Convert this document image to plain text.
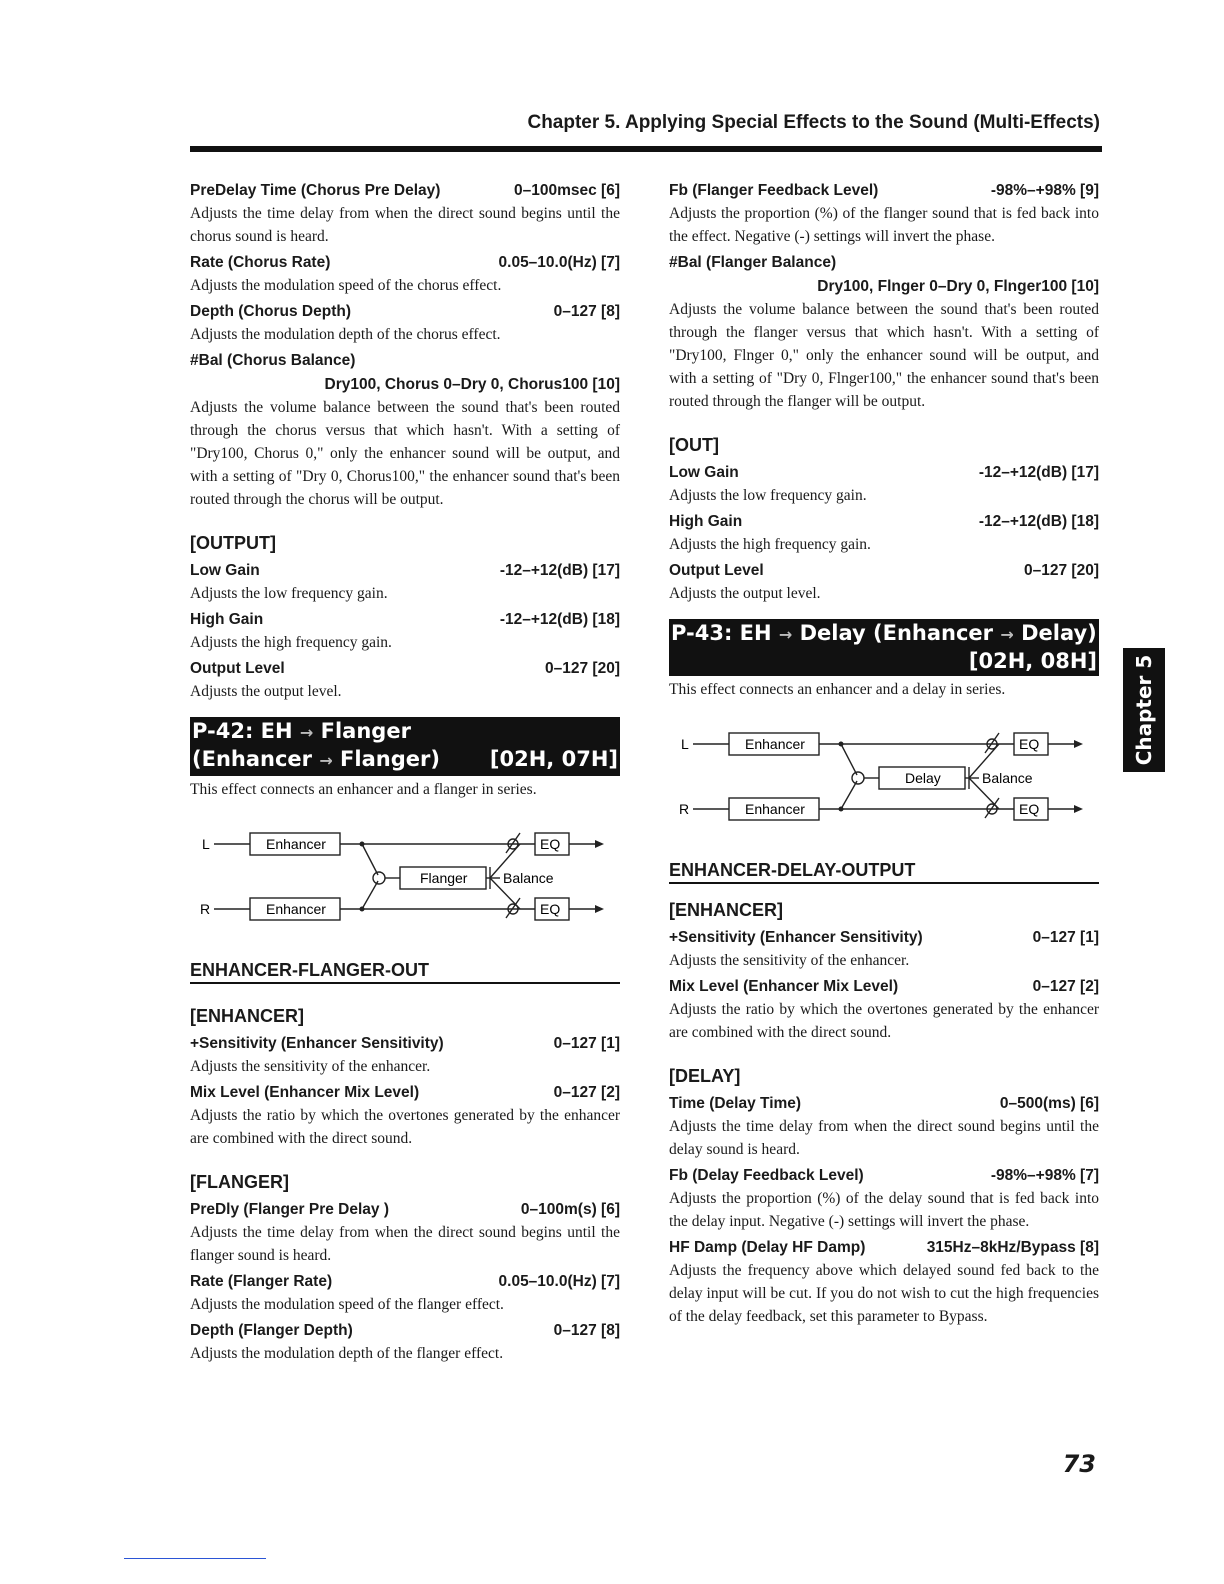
Chapter 5. Applying Special Effects to the Sound (Multi-Effects)
PreDelay Time (Chorus Pre Delay)	0–100msec [6]
Adjusts the time delay from when the direct sound begins until the chorus sound is heard.
Rate (Chorus Rate)	0.05–10.0(Hz) [7]
Adjusts the modulation speed of the chorus effect.
Depth (Chorus Depth)	0–127 [8]
Adjusts the modulation depth of the chorus effect.
#Bal (Chorus Balance)
Dry100, Chorus 0–Dry 0, Chorus100 [10]
Adjusts the volume balance between the sound that's been routed through the chorus versus that which hasn't. With a setting of "Dry100, Chorus 0," only the enhancer sound will be output, and with a setting of "Dry 0, Chorus100," the enhancer sound that's been routed through the chorus will be output.
[OUTPUT]
Low Gain	-12–+12(dB) [17]
Adjusts the low frequency gain.
High Gain	-12–+12(dB) [18]
Adjusts the high frequency gain.
Output Level	0–127 [20]
Adjusts the output level.
P-42: EH → Flanger
(Enhancer → Flanger) [02H, 07H]
This effect connects an enhancer and a flanger in series.
L
R
Enhancer
Enhancer
Flanger
EQ
EQ
Balance
ENHANCER-FLANGER-OUT
[ENHANCER]
+Sensitivity (Enhancer Sensitivity)	0–127 [1]
Adjusts the sensitivity of the enhancer.
Mix Level (Enhancer Mix Level)	0–127 [2]
Adjusts the ratio by which the overtones generated by the enhancer are combined with the direct sound.
[FLANGER]
PreDly (Flanger Pre Delay )	0–100m(s) [6]
Adjusts the time delay from when the direct sound begins until the flanger sound is heard.
Rate (Flanger Rate)	0.05–10.0(Hz) [7]
Adjusts the modulation speed of the flanger effect.
Depth (Flanger Depth)	0–127 [8]
Adjusts the modulation depth of the flanger effect.
Fb (Flanger Feedback Level)	-98%–+98% [9]
Adjusts the proportion (%) of the flanger sound that is fed back into the effect. Negative (-) settings will invert the phase.
#Bal (Flanger Balance)
Dry100, Flnger 0–Dry 0, Flnger100 [10]
Adjusts the volume balance between the sound that's been routed through the flanger versus that which hasn't. With a setting of "Dry100, Flnger 0," only the enhancer sound will be output, and with a setting of "Dry 0, Flnger100," the enhancer sound that's been routed through the flanger will be output.
[OUT]
Low Gain	-12–+12(dB) [17]
Adjusts the low frequency gain.
High Gain	-12–+12(dB) [18]
Adjusts the high frequency gain.
Output Level	0–127 [20]
Adjusts the output level.
P-43: EH → Delay (Enhancer → Delay)
[02H, 08H]
This effect connects an enhancer and a delay in series.
L
R
Enhancer
Enhancer
Delay
EQ
EQ
Balance
ENHANCER-DELAY-OUTPUT
[ENHANCER]
+Sensitivity (Enhancer Sensitivity)	0–127 [1]
Adjusts the sensitivity of the enhancer.
Mix Level (Enhancer Mix Level)	0–127 [2]
Adjusts the ratio by which the overtones generated by the enhancer are combined with the direct sound.
[DELAY]
Time (Delay Time)	0–500(ms) [6]
Adjusts the time delay from when the direct sound begins until the delay sound is heard.
Fb (Delay Feedback Level)	-98%–+98% [7]
Adjusts the proportion (%) of the delay sound that is fed back into the delay input. Negative (-) settings will invert the phase.
HF Damp (Delay HF Damp)	315Hz–8kHz/Bypass [8]
Adjusts the frequency above which delayed sound fed back to the delay input will be cut. If you do not wish to cut the high frequencies of the delay feedback, set this parameter to Bypass.
Chapter 5
73
